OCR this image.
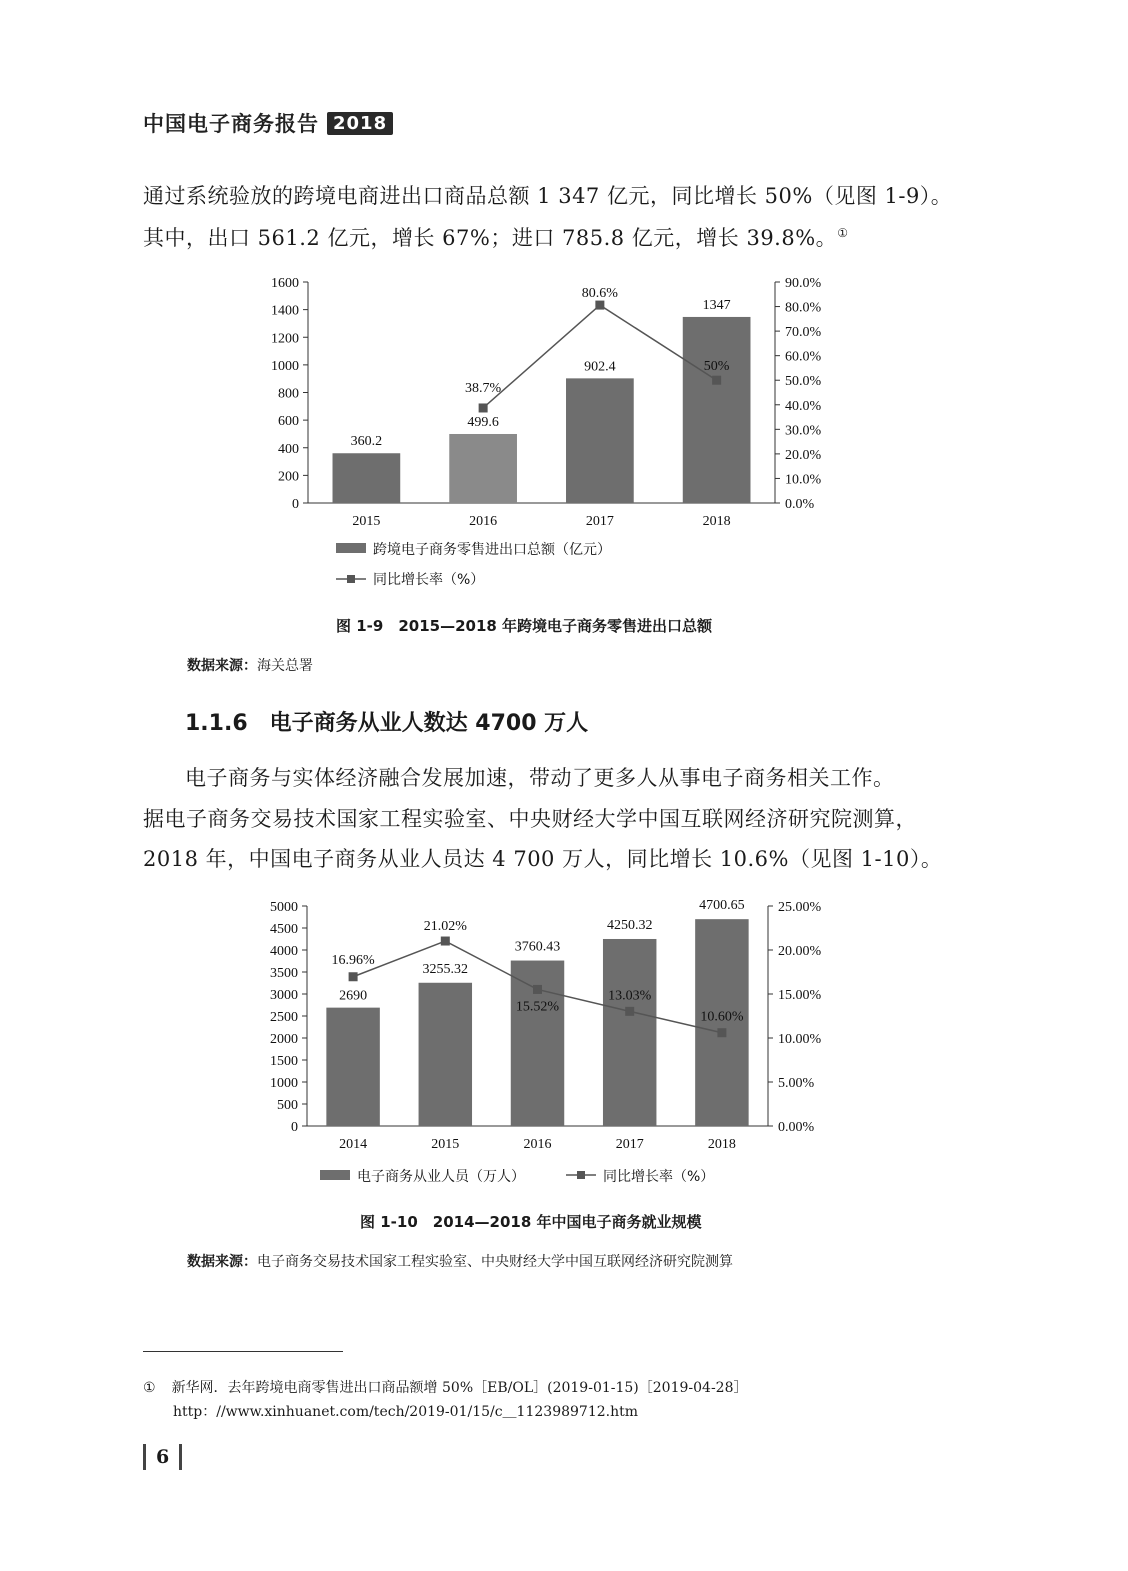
中国电子商务报告 2018
通过系统验放的跨境电商进出口商品总额 1 347 亿元，同比增长 50%（见图 1-9）。
其中，出口 561.2 亿元，增长 67%；进口 785.8 亿元，增长 39.8%。①
0
200
400
600
800
1000
1200
1400
1600
0.0%
10.0%
20.0%
30.0%
40.0%
50.0%
60.0%
70.0%
80.0%
90.0%
2015	2016	2017	2018
360.2
499.6
902.4
1347
38.7%
80.6%
50%
跨境电子商务零售进出口总额（亿元）
同比增长率（%）
图 1-9　2015—2018 年跨境电子商务零售进出口总额
数据来源：海关总署
1.1.6　电子商务从业人数达 4700 万人
电子商务与实体经济融合发展加速，带动了更多人从事电子商务相关工作。
据电子商务交易技术国家工程实验室、中央财经大学中国互联网经济研究院测算，
2018 年，中国电子商务从业人员达 4 700 万人，同比增长 10.6%（见图 1-10）。
0
500
1000
1500
2000
2500
3000
3500
4000
4500
5000
0.00%
5.00%
10.00%
15.00%
20.00%
25.00%
2014	2015	2016	2017	2018
2690
3255.32
3760.43
4250.32
4700.65
16.96%
21.02%
15.52%
13.03%
10.60%
电子商务从业人员（万人）	同比增长率（%）
图 1-10　2014—2018 年中国电子商务就业规模
数据来源：电子商务交易技术国家工程实验室、中央财经大学中国互联网经济研究院测算
① 新华网．去年跨境电商零售进出口商品额增 50%［EB/OL］(2019-01-15)［2019-04-28］
http：//www.xinhuanet.com/tech/2019-01/15/c＿1123989712.htm
6
